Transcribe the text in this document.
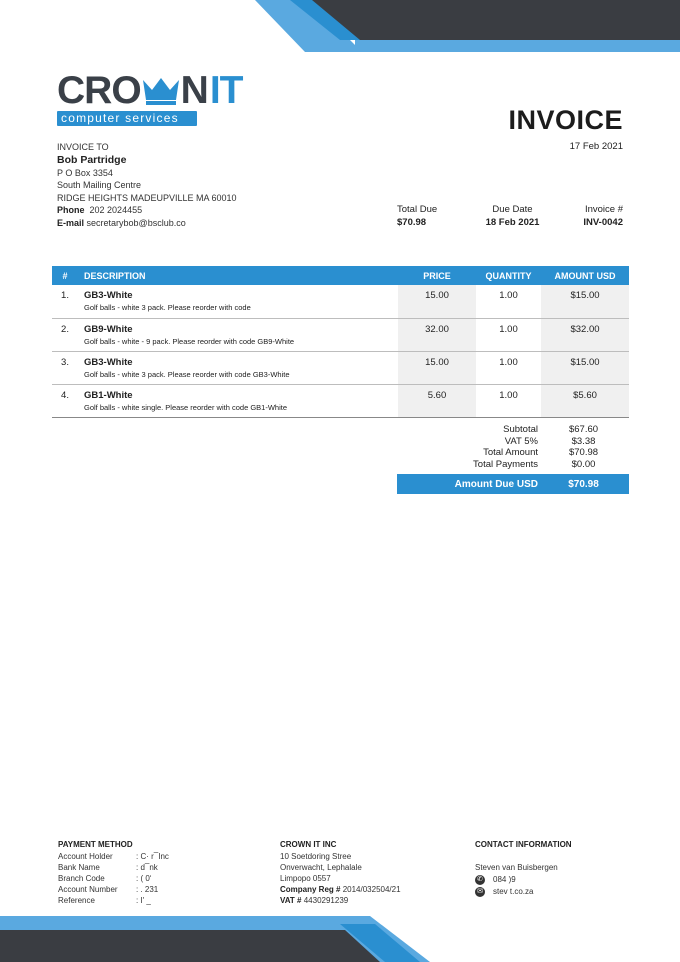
CRO NIT
computer services	INVOICE
17 Feb 2021
INVOICE TO
Bob Partridge
P O Box 3354
South Mailing Centre
RIDGE HEIGHTS MADEUPVILLE MA 60010
Phone 202 2024455
E-mail secretarybob@bsclub.co
Total Due
$70.98
Due Date
18 Feb 2021
Invoice #
INV-0042
#	DESCRIPTION	PRICE	QUANTITY	AMOUNT USD
1.	GB3-White
Golf balls - white 3 pack. Please reorder with code	15.00	1.00	$15.00
2.	GB9-White
Golf balls - white - 9 pack. Please reorder with code GB9-White	32.00	1.00	$32.00
3.	GB3-White
Golf balls - white 3 pack. Please reorder with code GB3-White	15.00	1.00	$15.00
4.	GB1-White
Golf balls - white single. Please reorder with code GB1-White	5.60	1.00	$5.60
Subtotal	$67.60
VAT 5%	$3.38
Total Amount	$70.98
Total Payments	$0.00
Amount Due USD	$70.98
PAYMENT METHOD
Account Holder	: C· r ̅ Inc
Bank Name	: d ̅ nk
Branch Code	: ( 0‘
Account Number	: . 231
Reference	: I' _
CROWN IT INC
10 Soetdoring Stree
Onverwacht, Lephalale
Limpopo 0557
Company Reg # 2014/032504/21
VAT # 4430291239
CONTACT INFORMATION
Steven van Buisbergen
✆ 084 )9
✉ stev t.co.za
